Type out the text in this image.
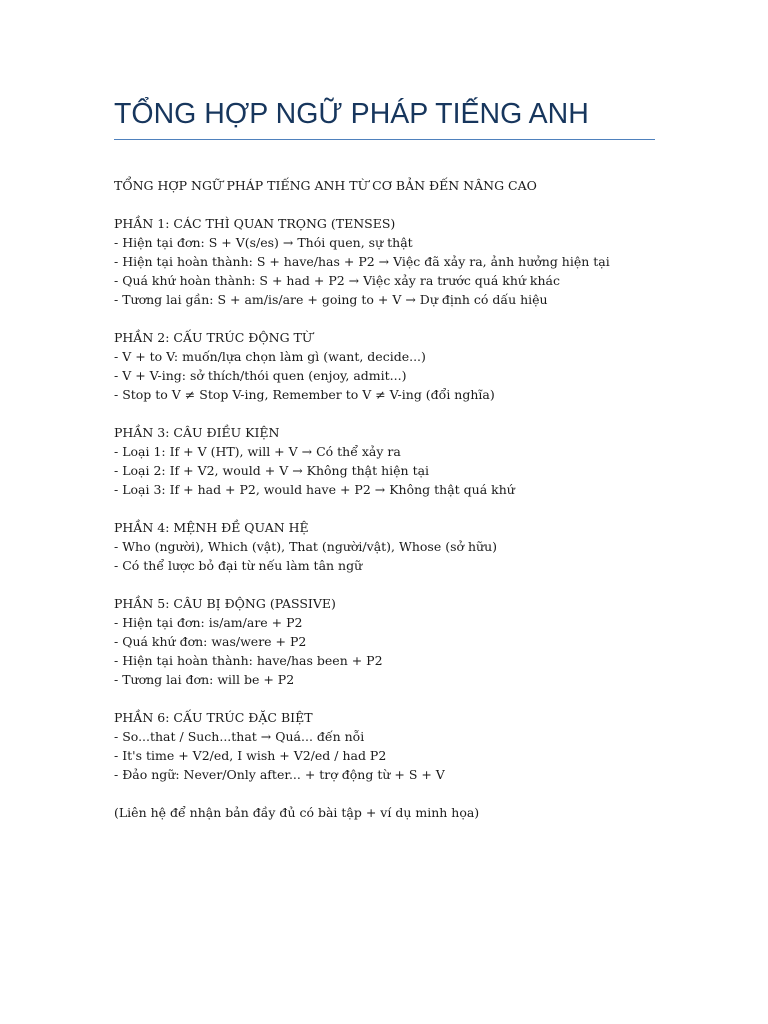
TỔNG HỢP NGỮ PHÁP TIẾNG ANH

TỔNG HỢP NGỮ PHÁP TIẾNG ANH TỪ CƠ BẢN ĐẾN NÂNG CAO

PHẦN 1: CÁC THÌ QUAN TRỌNG (TENSES)

- Hiện tại đơn: S + V(s/es) → Thói quen, sự thật

- Hiện tại hoàn thành: S + have/has + P2 → Việc đã xảy ra, ảnh hưởng hiện tại

- Quá khứ hoàn thành: S + had + P2 → Việc xảy ra trước quá khứ khác

- Tương lai gần: S + am/is/are + going to + V → Dự định có dấu hiệu

PHẦN 2: CẤU TRÚC ĐỘNG TỪ

- V + to V: muốn/lựa chọn làm gì (want, decide...)

- V + V-ing: sở thích/thói quen (enjoy, admit...)

- Stop to V ≠ Stop V-ing, Remember to V ≠ V-ing (đổi nghĩa)

PHẦN 3: CÂU ĐIỀU KIỆN

- Loại 1: If + V (HT), will + V → Có thể xảy ra

- Loại 2: If + V2, would + V → Không thật hiện tại

- Loại 3: If + had + P2, would have + P2 → Không thật quá khứ

PHẦN 4: MỆNH ĐỀ QUAN HỆ

- Who (người), Which (vật), That (người/vật), Whose (sở hữu)

- Có thể lược bỏ đại từ nếu làm tân ngữ

PHẦN 5: CÂU BỊ ĐỘNG (PASSIVE)

- Hiện tại đơn: is/am/are + P2

- Quá khứ đơn: was/were + P2

- Hiện tại hoàn thành: have/has been + P2

- Tương lai đơn: will be + P2

PHẦN 6: CẤU TRÚC ĐẶC BIỆT

- So...that / Such...that → Quá... đến nỗi

- It's time + V2/ed, I wish + V2/ed / had P2

- Đảo ngữ: Never/Only after... + trợ động từ + S + V

(Liên hệ để nhận bản đầy đủ có bài tập + ví dụ minh họa)
